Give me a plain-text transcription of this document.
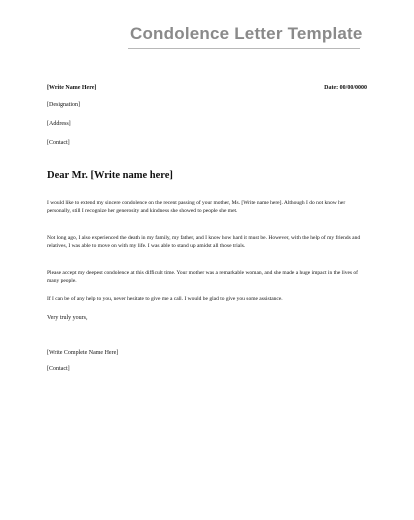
Condolence Letter Template
[Write Name Here]	Date: 00/00/0000
[Designation]
[Address]
[Contact]
Dear Mr. [Write name here]
I would like to extend my sincere condolence on the recent passing of your mother, Ms. [Write name here]. Although I do not know her personally, still I recognize her generosity and kindness she showed to people she met.
Not long ago, I also experienced the death in my family, my father, and I know how hard it must be. However, with the help of my friends and relatives, I was able to move on with my life. I was able to stand up amidst all those trials.
Please accept my deepest condolence at this difficult time. Your mother was a remarkable woman, and she made a huge impact in the lives of many people.
If I can be of any help to you, never hesitate to give me a call. I would be glad to give you some assistance.
Very truly yours,
[Write Complete Name Here]
[Contact]
